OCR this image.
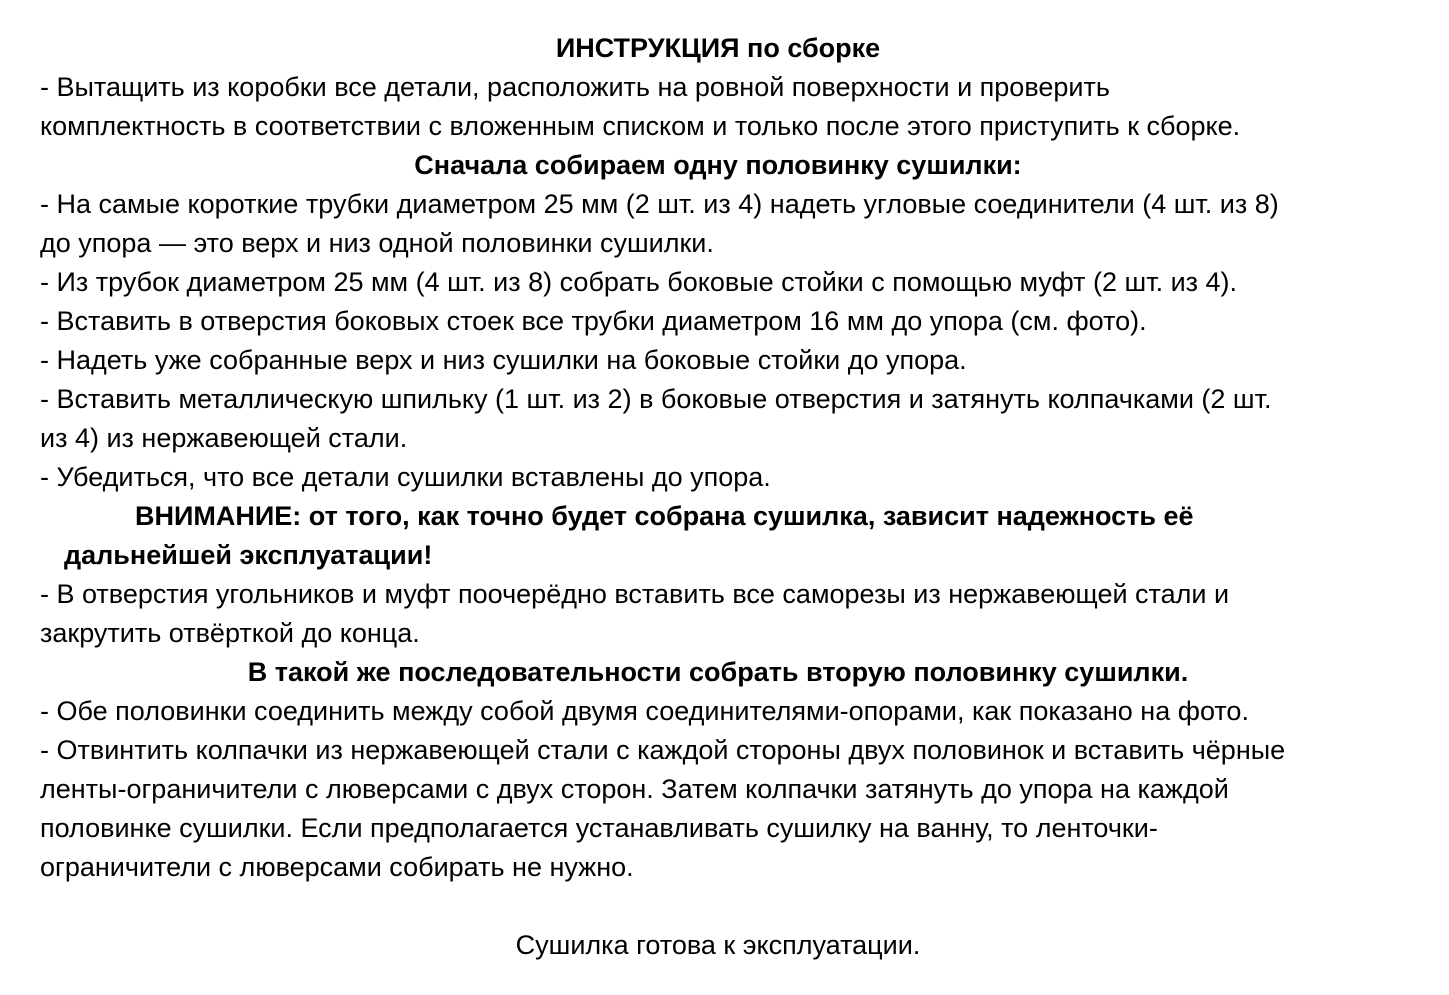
ИНСТРУКЦИЯ по сборке
- Вытащить из коробки все детали, расположить на ровной поверхности и проверить
комплектность в соответствии с вложенным списком и только после этого приступить к сборке.
Сначала собираем одну половинку сушилки:
- На самые короткие трубки диаметром 25 мм (2 шт. из 4) надеть угловые соединители (4 шт. из 8)
до упора — это верх и низ одной половинки сушилки.
- Из трубок диаметром 25 мм (4 шт. из 8) собрать боковые стойки с помощью муфт (2 шт. из 4).
- Вставить в отверстия боковых стоек все трубки диаметром 16 мм до упора (см. фото).
- Надеть уже собранные верх и низ сушилки на боковые стойки до упора.
- Вставить металлическую шпильку (1 шт. из 2) в боковые отверстия и затянуть колпачками (2 шт.
из 4) из нержавеющей стали.
- Убедиться, что все детали сушилки вставлены до упора.
ВНИМАНИЕ: от того, как точно будет собрана сушилка, зависит надежность её
дальнейшей эксплуатации!
- В отверстия угольников и муфт поочерёдно вставить все саморезы из нержавеющей стали и
закрутить отвёрткой до конца.
В такой же последовательности собрать вторую половинку сушилки.
- Обе половинки соединить между собой двумя соединителями-опорами, как показано на фото.
- Отвинтить колпачки из нержавеющей стали с каждой стороны двух половинок и вставить чёрные
ленты-ограничители с люверсами с двух сторон. Затем колпачки затянуть до упора на каждой
половинке сушилки. Если предполагается устанавливать сушилку на ванну, то ленточки-
ограничители с люверсами собирать не нужно.
Сушилка готова к эксплуатации.
